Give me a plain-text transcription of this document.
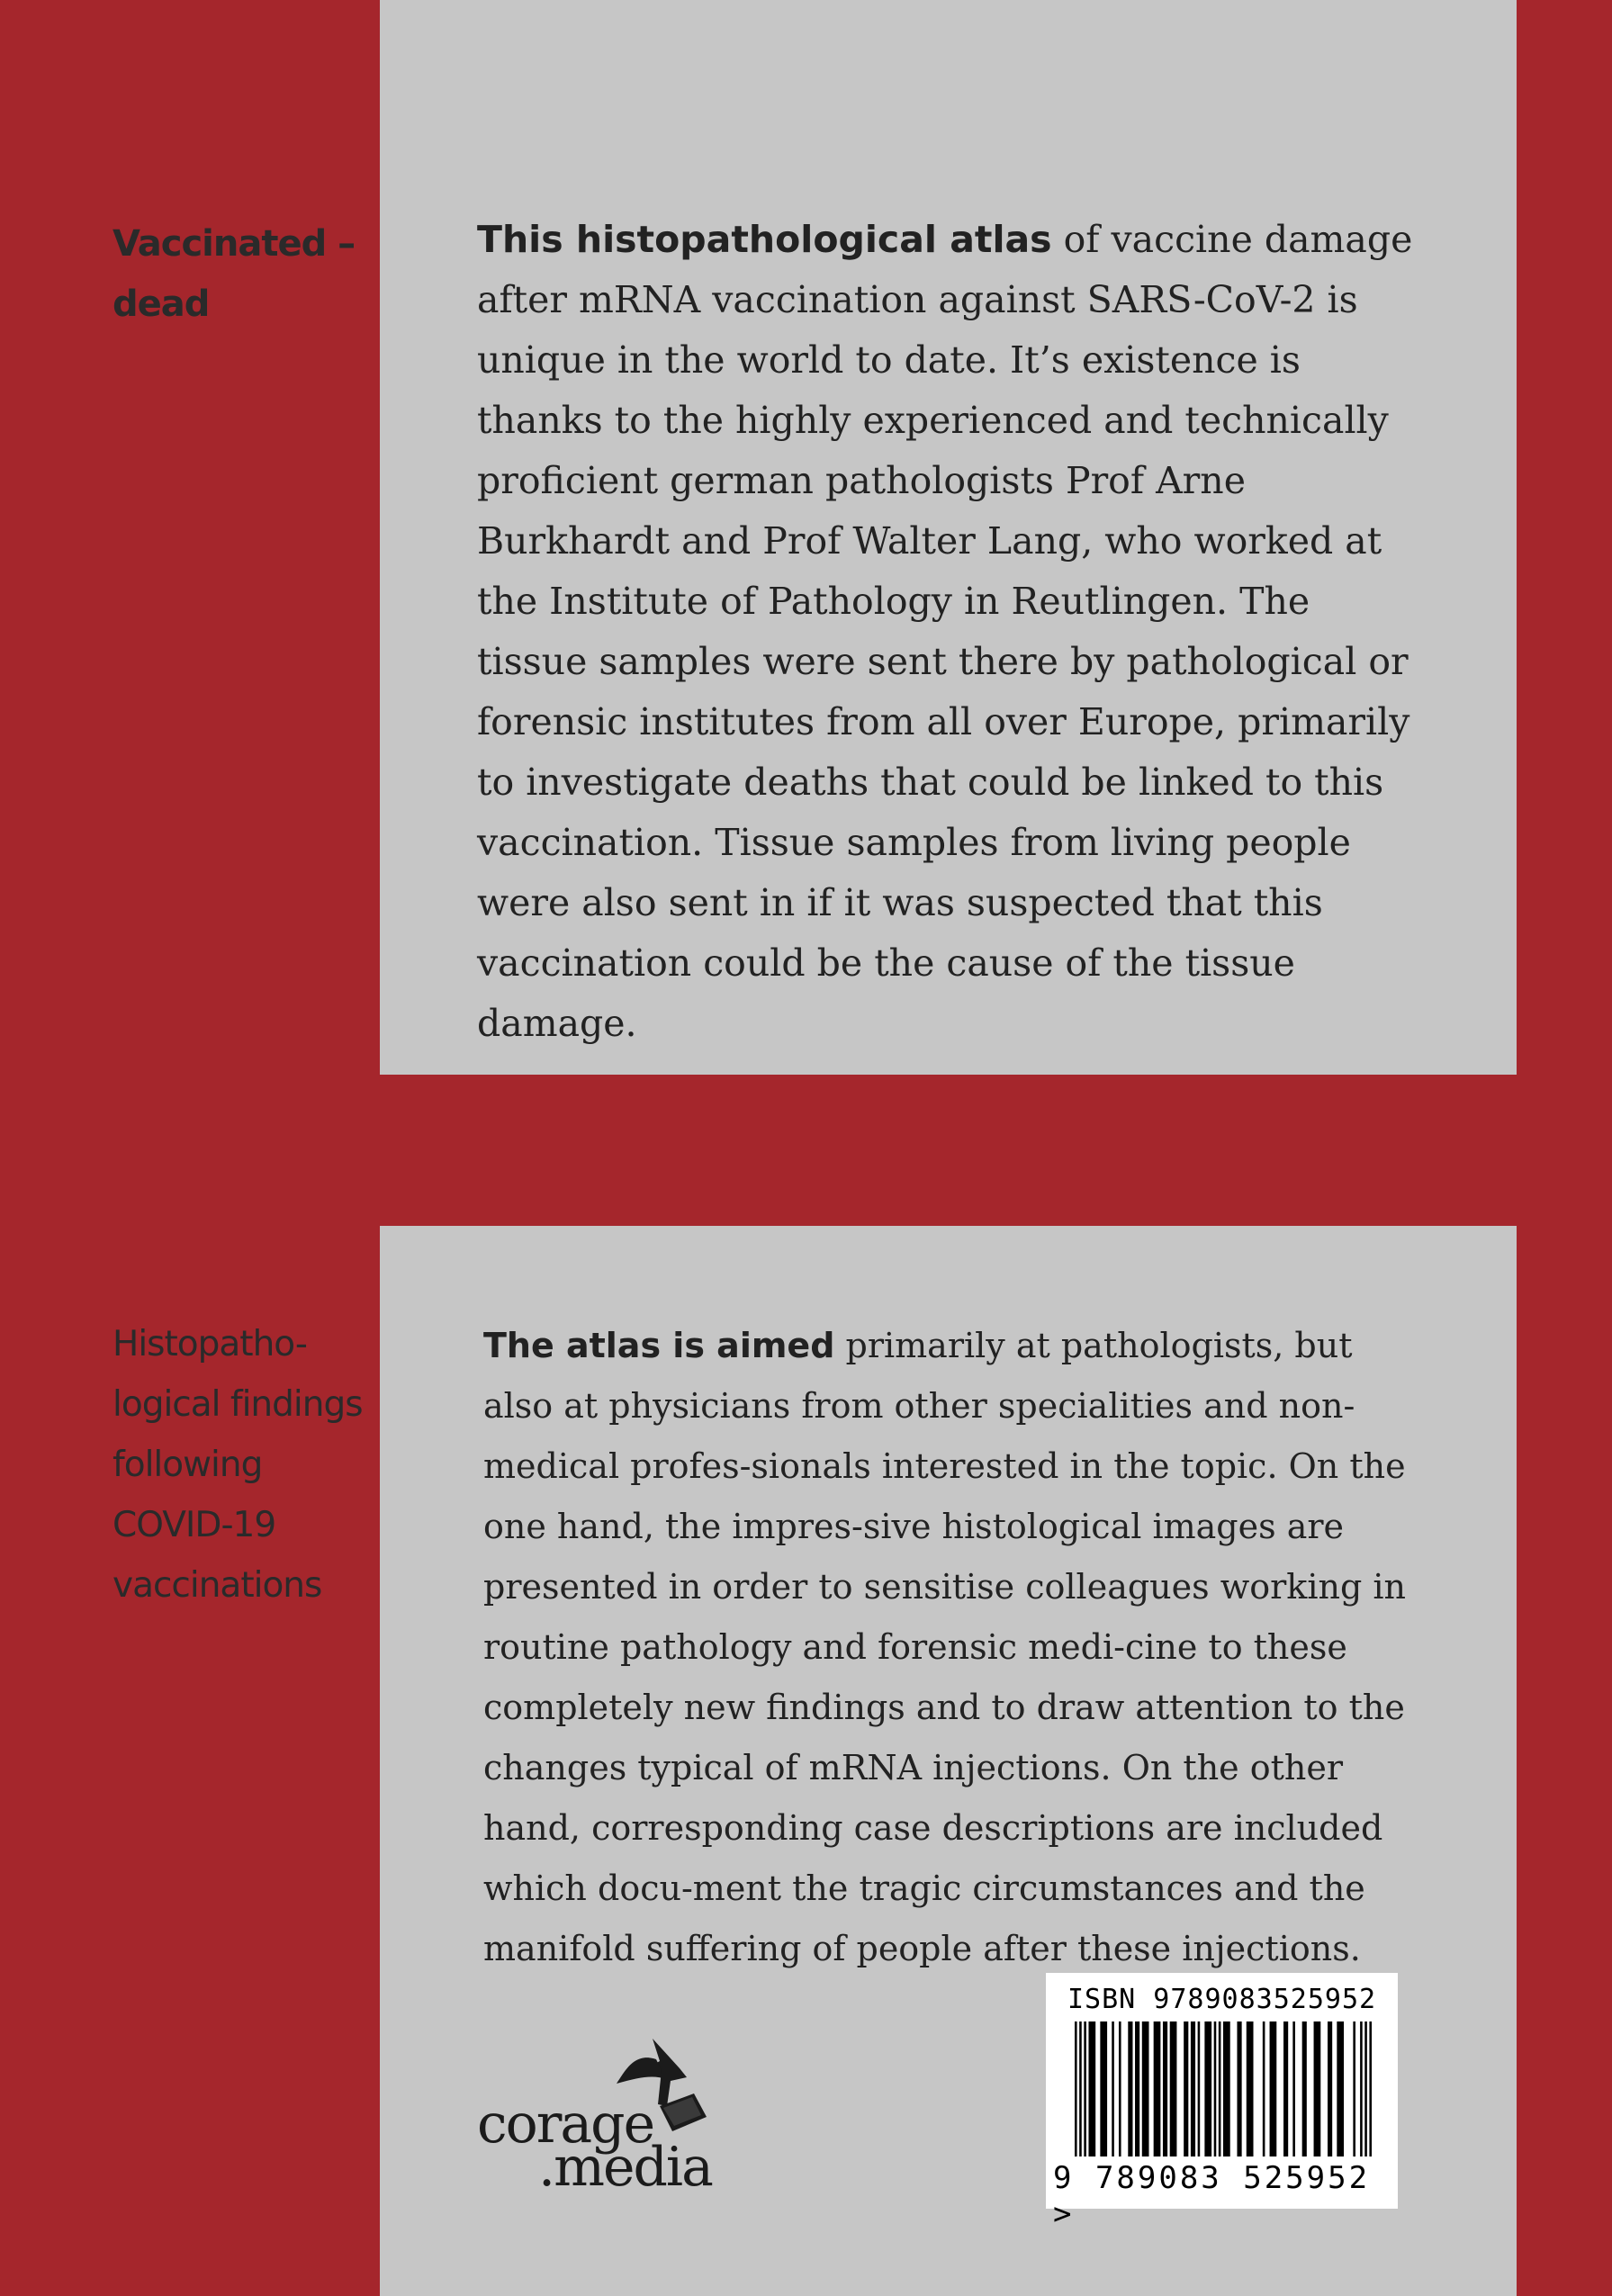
Vaccinated – dead

This histopathological atlas of vaccine damage after mRNA vaccination against SARS-CoV-2 is unique in the world to date. It’s existence is thanks to the highly experienced and technically proficient german pathologists Prof Arne Burkhardt and Prof Walter Lang, who worked at the Institute of Pathology in Reutlingen. The tissue samples were sent there by pathological or forensic institutes from all over Europe, primarily to investigate deaths that could be linked to this vaccination. Tissue samples from living people were also sent in if it was suspected that this vaccination could be the cause of the tissue damage.

Histopatho-logical findings following COVID-19 vaccinations

The atlas is aimed primarily at pathologists, but also at physicians from other specialities and non-medical profes-sionals interested in the topic. On the one hand, the impres-sive histological images are presented in order to sensitise colleagues working in routine pathology and forensic medi-cine to these completely new findings and to draw attention to the changes typical of mRNA injections. On the other hand, corresponding case descriptions are included which docu-ment the tragic circumstances and the manifold suffering of people after these injections.

corage
.media
ISBN 9789083525952
9 789083 525952 >
